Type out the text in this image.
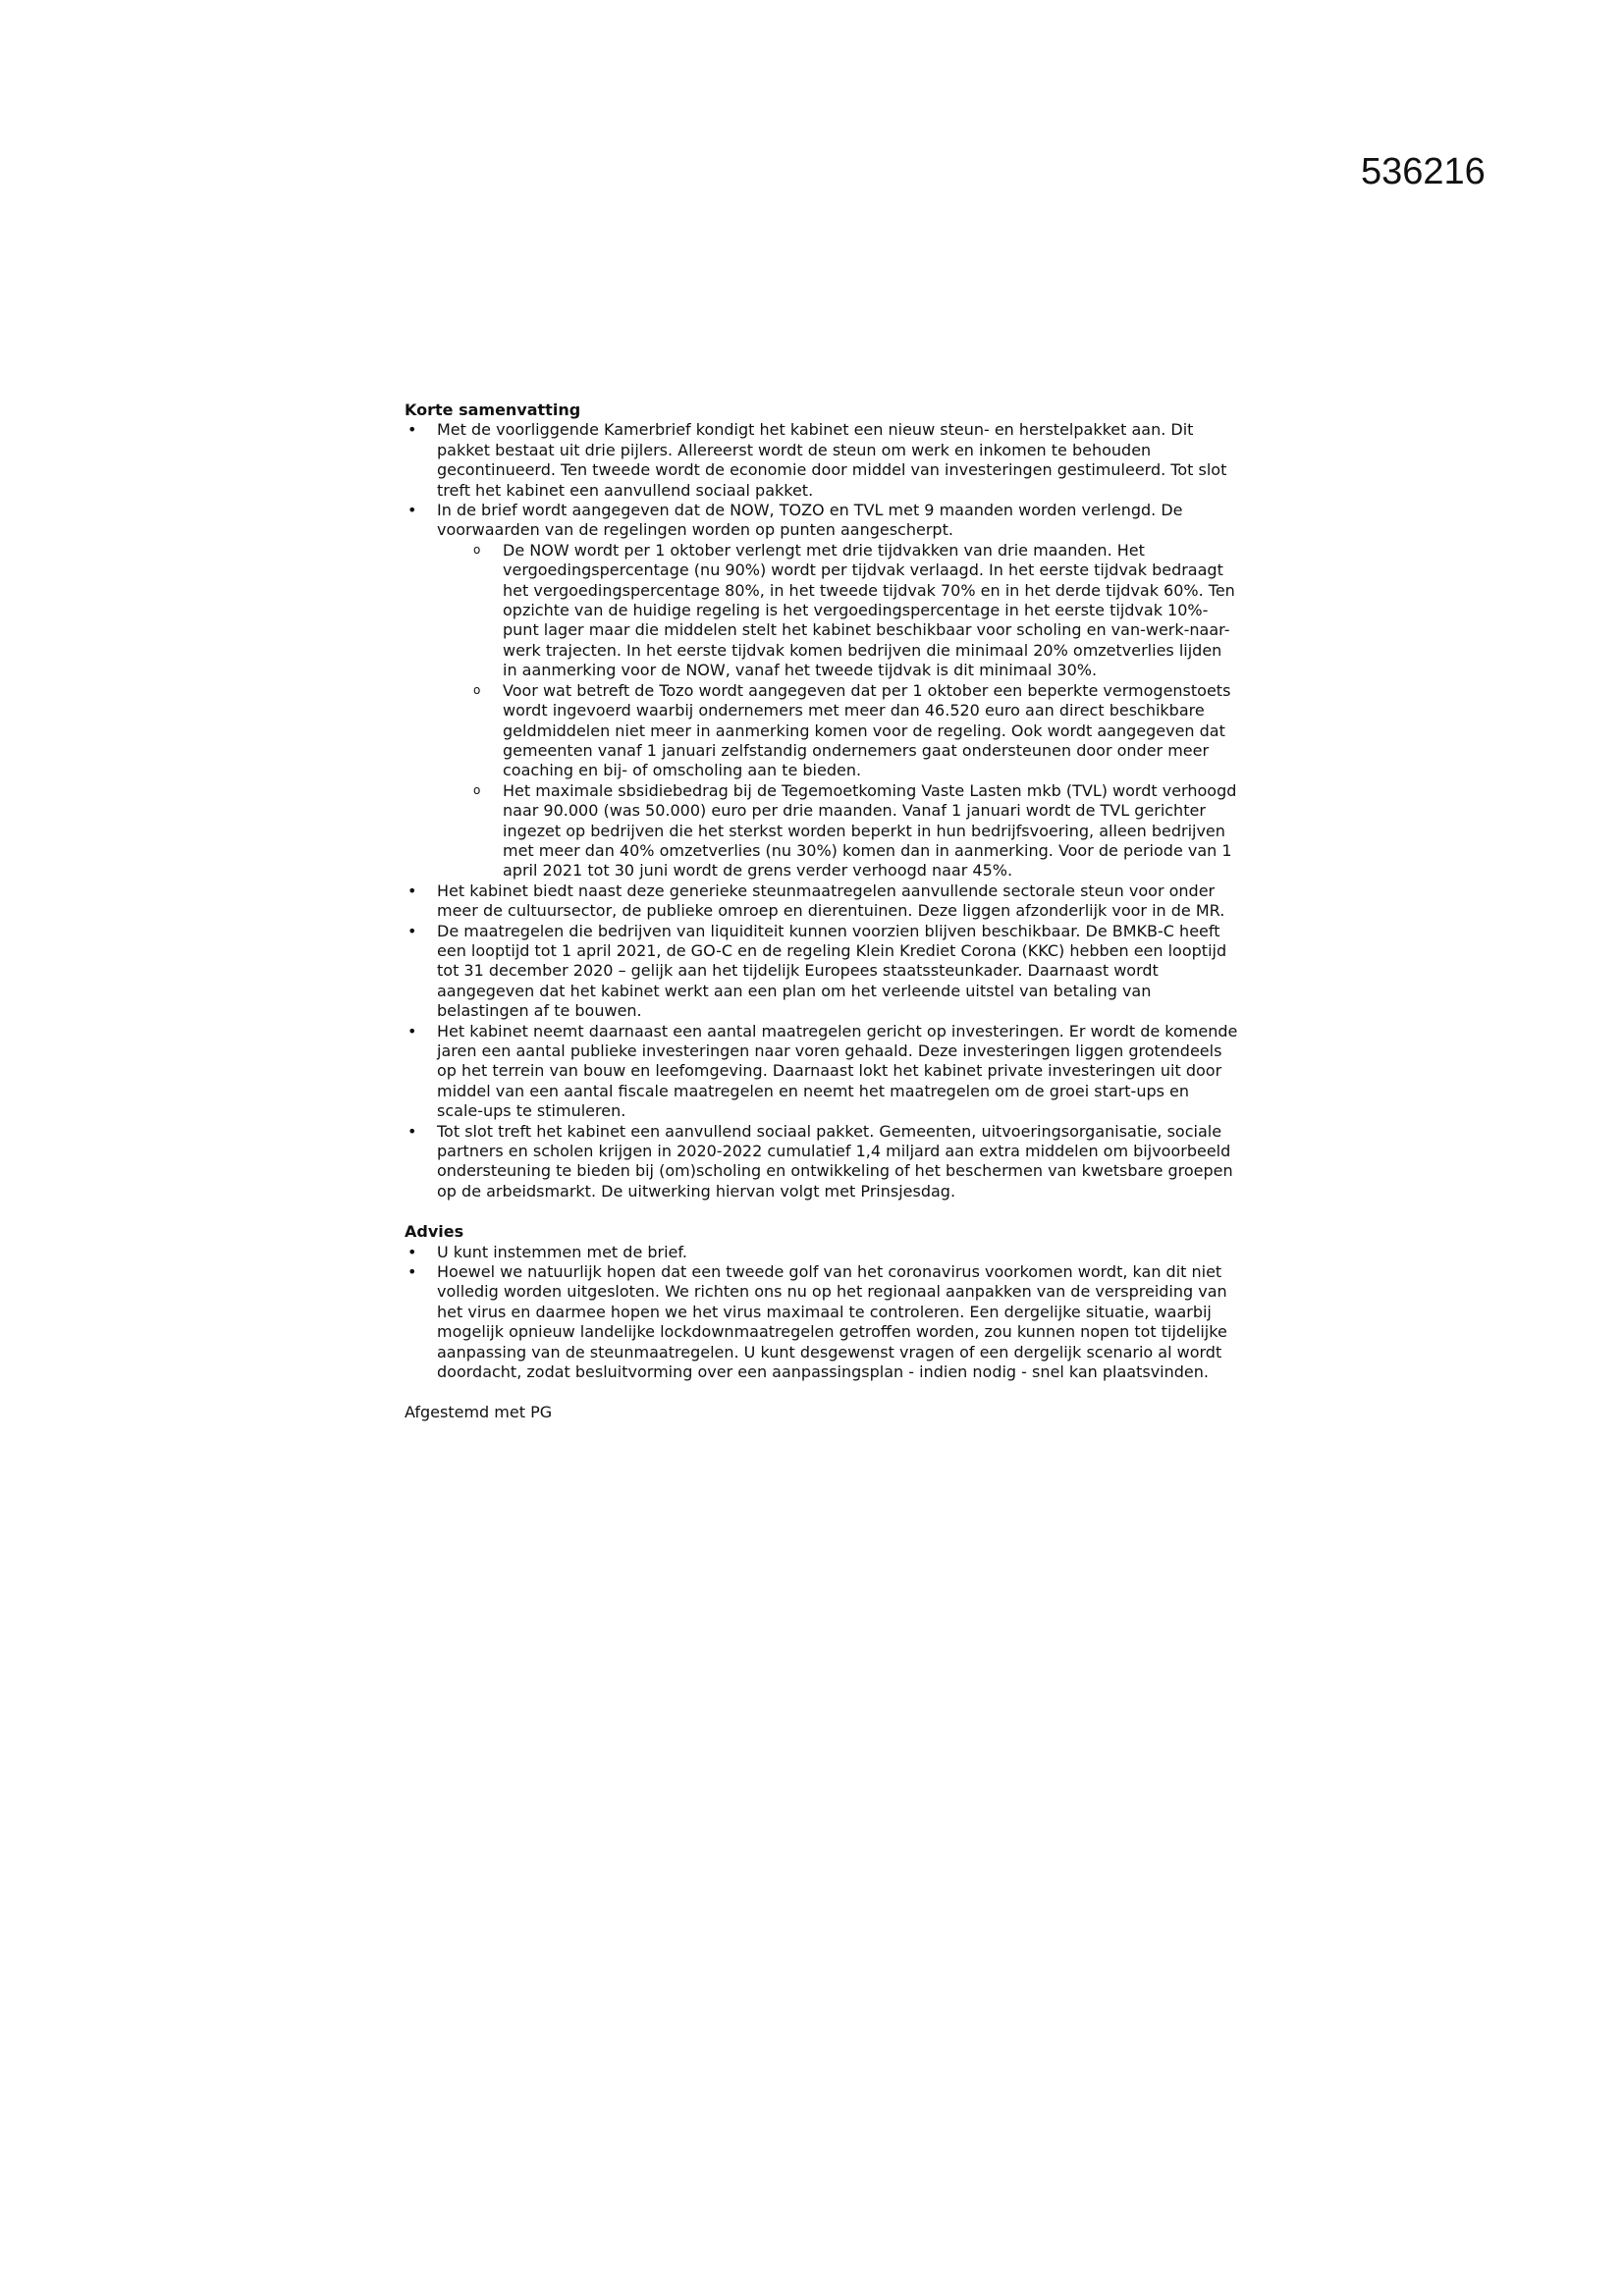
536216
Korte samenvatting
• Met de voorliggende Kamerbrief kondigt het kabinet een nieuw steun- en herstelpakket aan. Dit pakket bestaat uit drie pijlers. Allereerst wordt de steun om werk en inkomen te behouden gecontinueerd. Ten tweede wordt de economie door middel van investeringen gestimuleerd. Tot slot treft het kabinet een aanvullend sociaal pakket.
• In de brief wordt aangegeven dat de NOW, TOZO en TVL met 9 maanden worden verlengd. De voorwaarden van de regelingen worden op punten aangescherpt.
o De NOW wordt per 1 oktober verlengt met drie tijdvakken van drie maanden. Het vergoedingspercentage (nu 90%) wordt per tijdvak verlaagd. In het eerste tijdvak bedraagt het vergoedingspercentage 80%, in het tweede tijdvak 70% en in het derde tijdvak 60%. Ten opzichte van de huidige regeling is het vergoedingspercentage in het eerste tijdvak 10%-punt lager maar die middelen stelt het kabinet beschikbaar voor scholing en van-werk-naar-werk trajecten. In het eerste tijdvak komen bedrijven die minimaal 20% omzetverlies lijden in aanmerking voor de NOW, vanaf het tweede tijdvak is dit minimaal 30%.
o Voor wat betreft de Tozo wordt aangegeven dat per 1 oktober een beperkte vermogenstoets wordt ingevoerd waarbij ondernemers met meer dan 46.520 euro aan direct beschikbare geldmiddelen niet meer in aanmerking komen voor de regeling. Ook wordt aangegeven dat gemeenten vanaf 1 januari zelfstandig ondernemers gaat ondersteunen door onder meer coaching en bij- of omscholing aan te bieden.
o Het maximale sbsidiebedrag bij de Tegemoetkoming Vaste Lasten mkb (TVL) wordt verhoogd naar 90.000 (was 50.000) euro per drie maanden. Vanaf 1 januari wordt de TVL gerichter ingezet op bedrijven die het sterkst worden beperkt in hun bedrijfsvoering, alleen bedrijven met meer dan 40% omzetverlies (nu 30%) komen dan in aanmerking. Voor de periode van 1 april 2021 tot 30 juni wordt de grens verder verhoogd naar 45%.
• Het kabinet biedt naast deze generieke steunmaatregelen aanvullende sectorale steun voor onder meer de cultuursector, de publieke omroep en dierentuinen. Deze liggen afzonderlijk voor in de MR.
• De maatregelen die bedrijven van liquiditeit kunnen voorzien blijven beschikbaar. De BMKB-C heeft een looptijd tot 1 april 2021, de GO-C en de regeling Klein Krediet Corona (KKC) hebben een looptijd tot 31 december 2020 – gelijk aan het tijdelijk Europees staatssteunkader. Daarnaast wordt aangegeven dat het kabinet werkt aan een plan om het verleende uitstel van betaling van belastingen af te bouwen.
• Het kabinet neemt daarnaast een aantal maatregelen gericht op investeringen. Er wordt de komende jaren een aantal publieke investeringen naar voren gehaald. Deze investeringen liggen grotendeels op het terrein van bouw en leefomgeving. Daarnaast lokt het kabinet private investeringen uit door middel van een aantal fiscale maatregelen en neemt het maatregelen om de groei start-ups en scale-ups te stimuleren.
• Tot slot treft het kabinet een aanvullend sociaal pakket. Gemeenten, uitvoeringsorganisatie, sociale partners en scholen krijgen in 2020-2022 cumulatief 1,4 miljard aan extra middelen om bijvoorbeeld ondersteuning te bieden bij (om)scholing en ontwikkeling of het beschermen van kwetsbare groepen op de arbeidsmarkt. De uitwerking hiervan volgt met Prinsjesdag.
Advies
• U kunt instemmen met de brief.
• Hoewel we natuurlijk hopen dat een tweede golf van het coronavirus voorkomen wordt, kan dit niet volledig worden uitgesloten. We richten ons nu op het regionaal aanpakken van de verspreiding van het virus en daarmee hopen we het virus maximaal te controleren. Een dergelijke situatie, waarbij mogelijk opnieuw landelijke lockdownmaatregelen getroffen worden, zou kunnen nopen tot tijdelijke aanpassing van de steunmaatregelen. U kunt desgewenst vragen of een dergelijk scenario al wordt doordacht, zodat besluitvorming over een aanpassingsplan - indien nodig - snel kan plaatsvinden.
Afgestemd met PG
